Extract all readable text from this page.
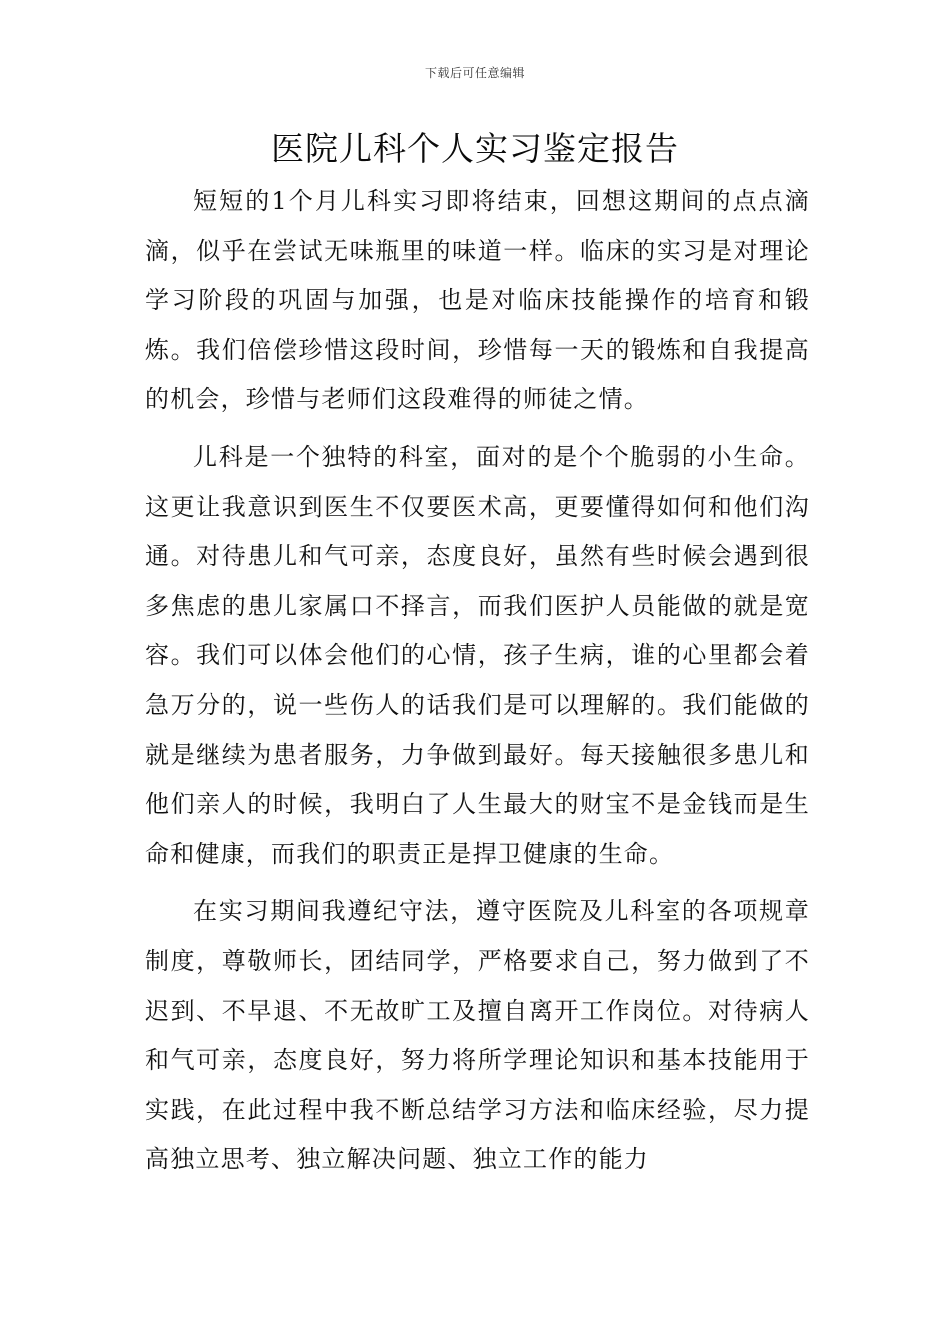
下载后可任意编辑
医院儿科个人实习鉴定报告

短短的1个月儿科实习即将结束，回想这期间的点点滴滴，似乎在尝试无味瓶里的味道一样。临床的实习是对理论学习阶段的巩固与加强，也是对临床技能操作的培育和锻炼。我们倍偿珍惜这段时间，珍惜每一天的锻炼和自我提高的机会，珍惜与老师们这段难得的师徒之情。

儿科是一个独特的科室，面对的是个个脆弱的小生命。这更让我意识到医生不仅要医术高，更要懂得如何和他们沟通。对待患儿和气可亲，态度良好，虽然有些时候会遇到很多焦虑的患儿家属口不择言，而我们医护人员能做的就是宽容。我们可以体会他们的心情，孩子生病，谁的心里都会着急万分的，说一些伤人的话我们是可以理解的。我们能做的就是继续为患者服务，力争做到最好。每天接触很多患儿和他们亲人的时候，我明白了人生最大的财宝不是金钱而是生命和健康，而我们的职责正是捍卫健康的生命。

在实习期间我遵纪守法，遵守医院及儿科室的各项规章制度，尊敬师长，团结同学，严格要求自己，努力做到了不迟到、不早退、不无故旷工及擅自离开工作岗位。对待病人和气可亲，态度良好，努力将所学理论知识和基本技能用于实践，在此过程中我不断总结学习方法和临床经验，尽力提高独立思考、独立解决问题、独立工作的能力
